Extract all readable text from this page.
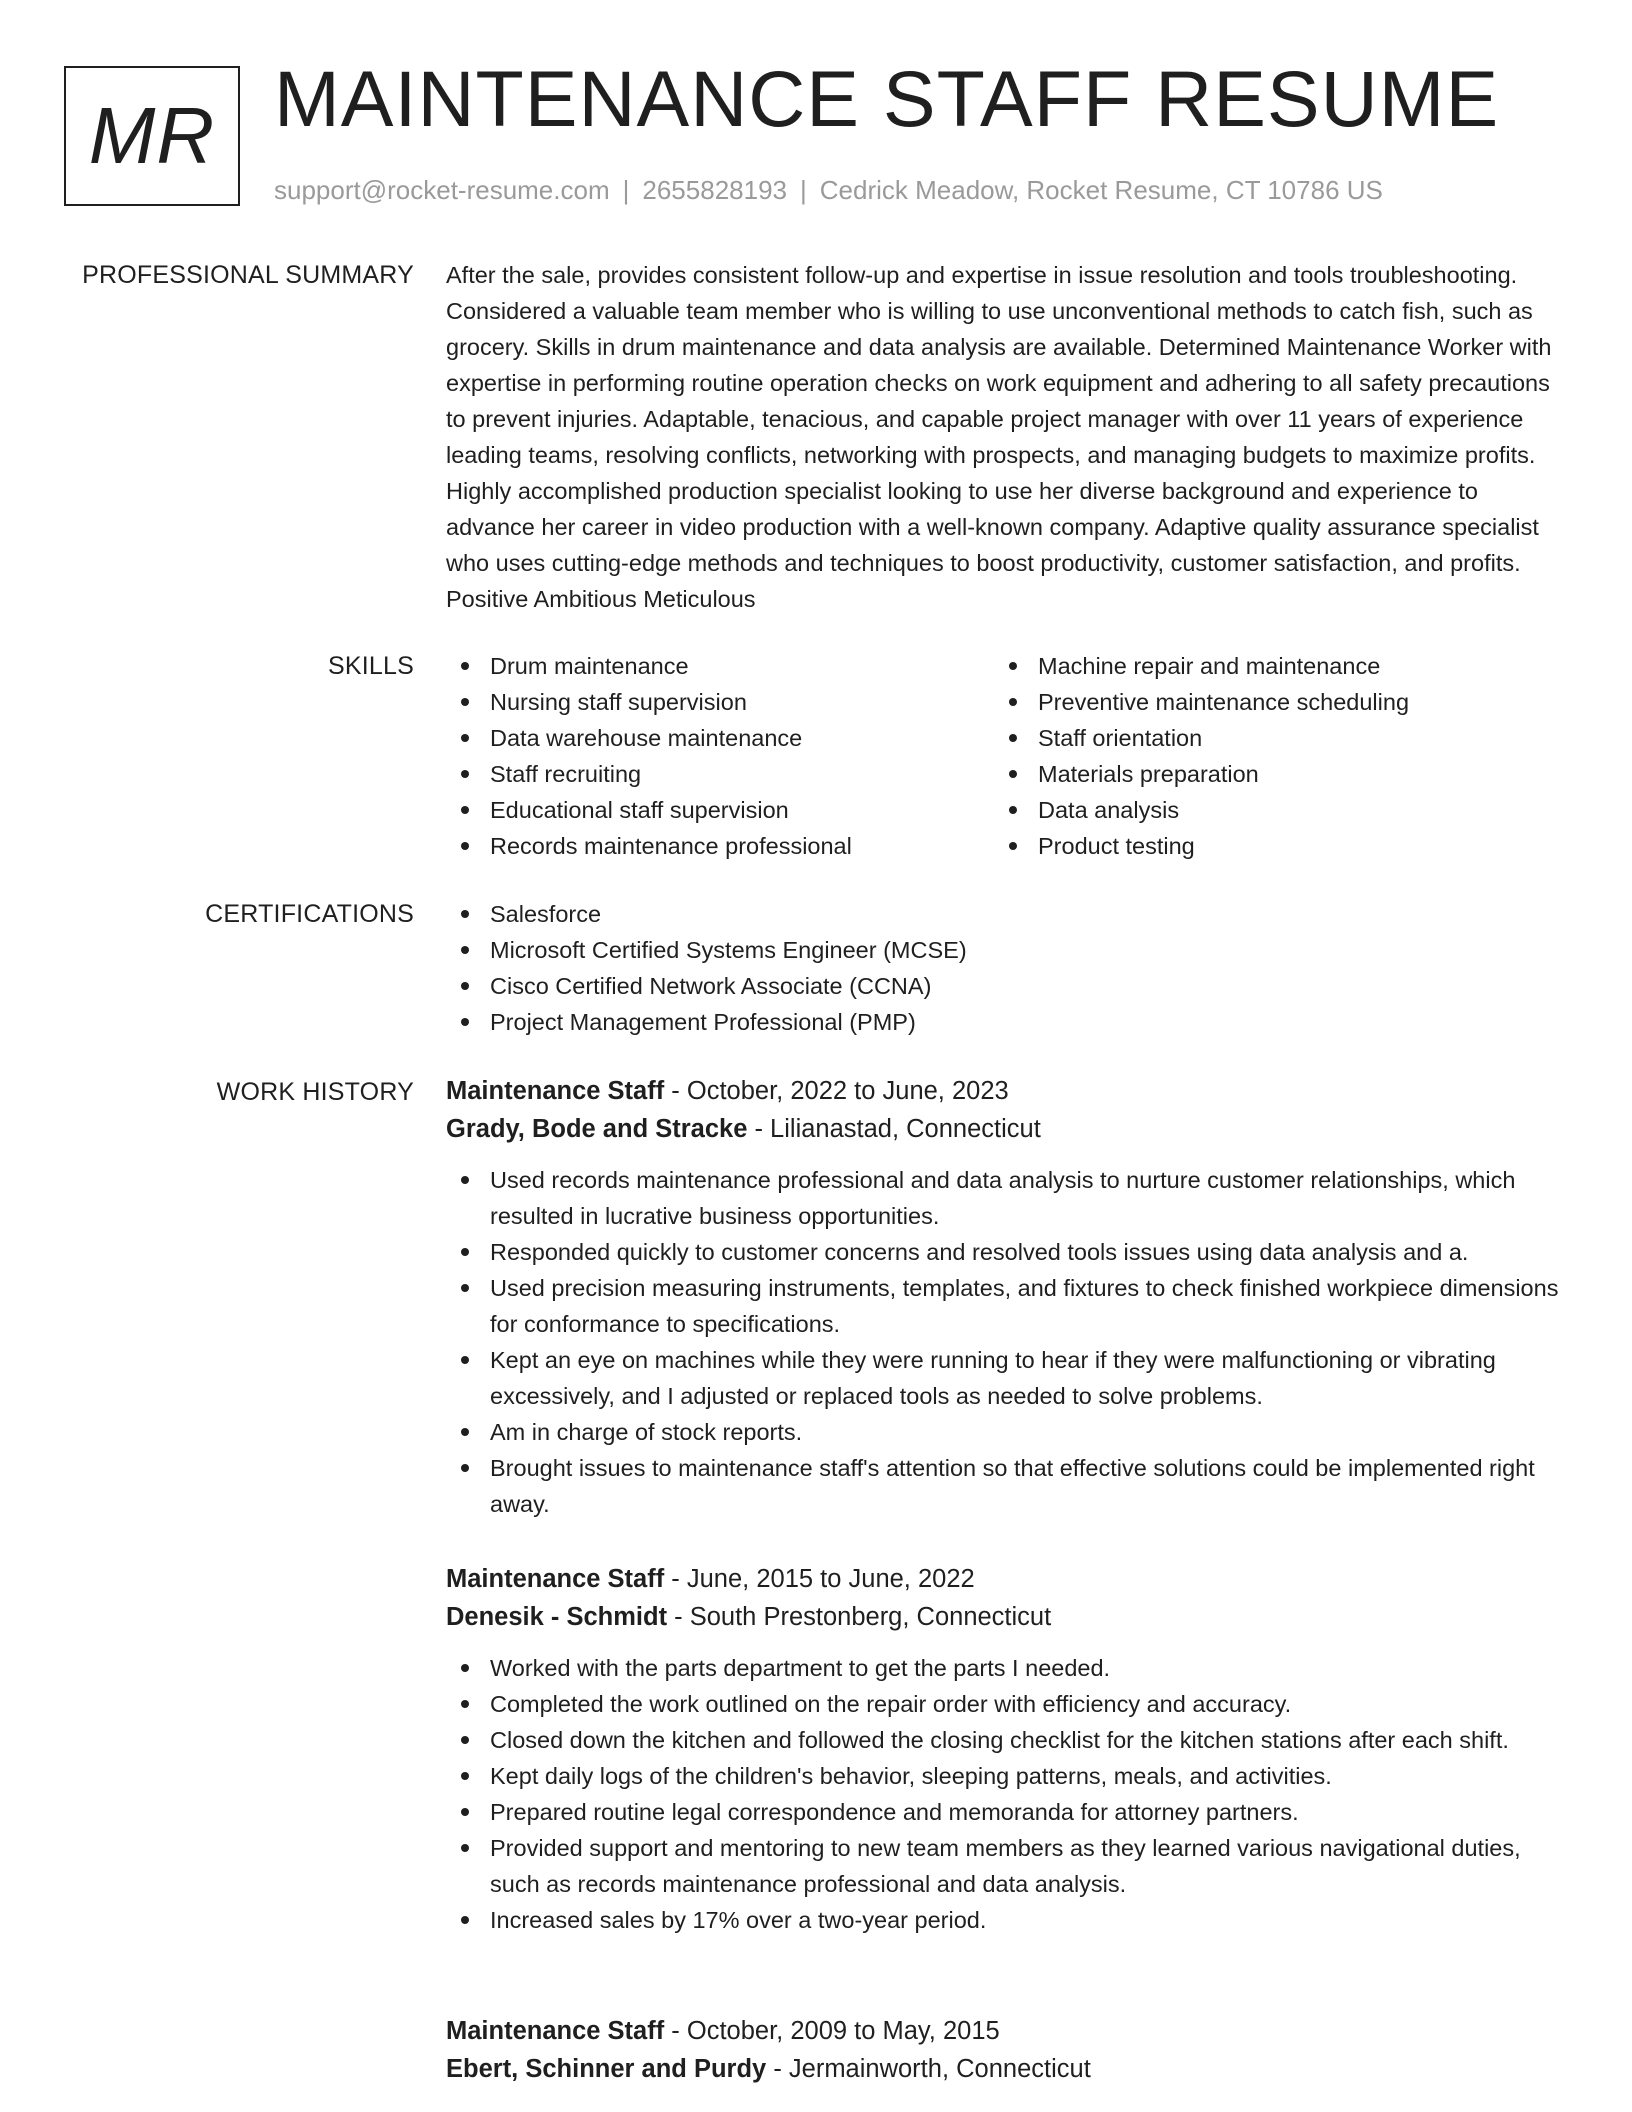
MR MAINTENANCE STAFF RESUME
support@rocket-resume.com | 2655828193 | Cedrick Meadow, Rocket Resume, CT 10786 US
PROFESSIONAL SUMMARY After the sale, provides consistent follow-up and expertise in issue resolution and tools troubleshooting. Considered a valuable team member who is willing to use unconventional methods to catch fish, such as grocery. Skills in drum maintenance and data analysis are available. Determined Maintenance Worker with expertise in performing routine operation checks on work equipment and adhering to all safety precautions to prevent injuries. Adaptable, tenacious, and capable project manager with over 11 years of experience leading teams, resolving conflicts, networking with prospects, and managing budgets to maximize profits. Highly accomplished production specialist looking to use her diverse background and experience to advance her career in video production with a well-known company. Adaptive quality assurance specialist who uses cutting-edge methods and techniques to boost productivity, customer satisfaction, and profits. Positive Ambitious Meticulous

SKILLS	Drum maintenance
Nursing staff supervision
Data warehouse maintenance
Staff recruiting
Educational staff supervision
Records maintenance professional
Machine repair and maintenance
Preventive maintenance scheduling
Staff orientation
Materials preparation
Data analysis
Product testing
CERTIFICATIONS	Salesforce
Microsoft Certified Systems Engineer (MCSE)
Cisco Certified Network Associate (CCNA)
Project Management Professional (PMP)
WORK HISTORY Maintenance Staff - October, 2022 to June, 2023
Grady, Bode and Stracke - Lilianastad, Connecticut
Used records maintenance professional and data analysis to nurture customer relationships, which resulted in lucrative business opportunities.
Responded quickly to customer concerns and resolved tools issues using data analysis and a.
Used precision measuring instruments, templates, and fixtures to check finished workpiece dimensions for conformance to specifications.
Kept an eye on machines while they were running to hear if they were malfunctioning or vibrating excessively, and I adjusted or replaced tools as needed to solve problems.
Am in charge of stock reports.
Brought issues to maintenance staff's attention so that effective solutions could be implemented right away.
Maintenance Staff - June, 2015 to June, 2022
Denesik - Schmidt - South Prestonberg, Connecticut
Worked with the parts department to get the parts I needed.
Completed the work outlined on the repair order with efficiency and accuracy.
Closed down the kitchen and followed the closing checklist for the kitchen stations after each shift.
Kept daily logs of the children's behavior, sleeping patterns, meals, and activities.
Prepared routine legal correspondence and memoranda for attorney partners.
Provided support and mentoring to new team members as they learned various navigational duties, such as records maintenance professional and data analysis.
Increased sales by 17% over a two-year period.
Maintenance Staff - October, 2009 to May, 2015
Ebert, Schinner and Purdy - Jermainworth, Connecticut
